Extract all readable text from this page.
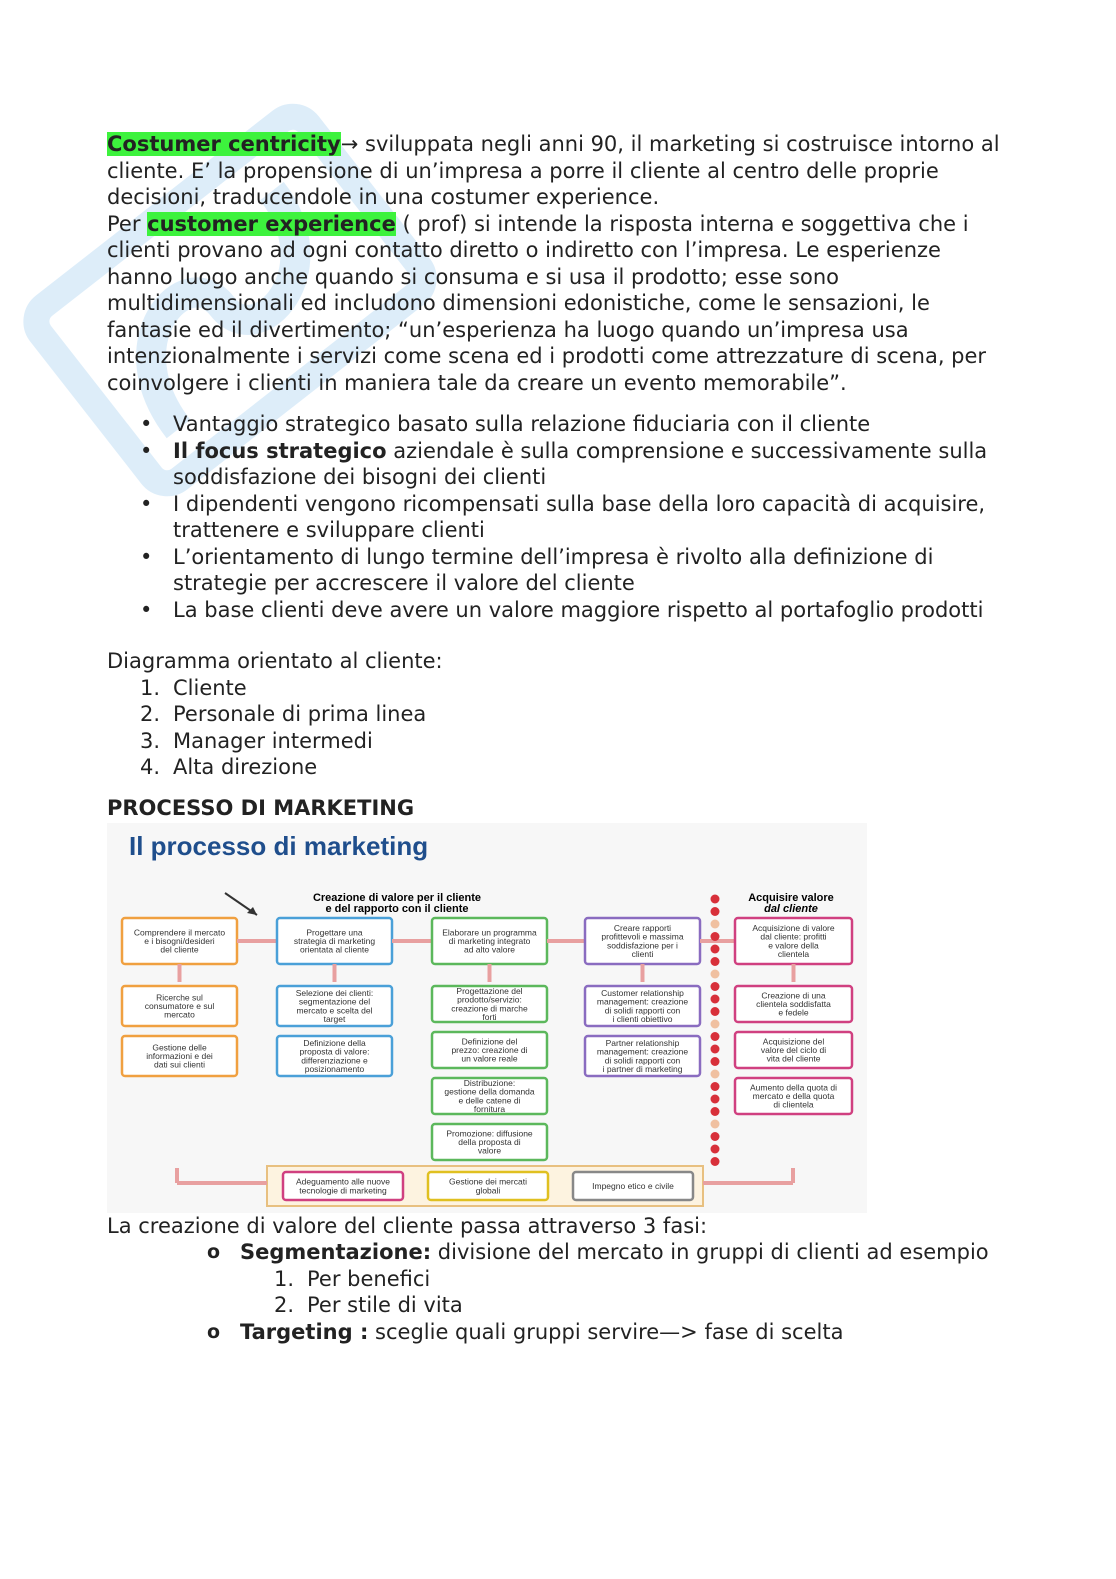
Costumer centricity→ sviluppata negli anni 90, il marketing si costruisce intorno al cliente. E’ la propensione di un’impresa a porre il cliente al centro delle proprie decisioni, traducendole in una costumer experience.

Per customer experience ( prof) si intende la risposta interna e soggettiva che i clienti provano ad ogni contatto diretto o indiretto con l’impresa. Le esperienze hanno luogo anche quando si consuma e si usa il prodotto; esse sono multidimensionali ed includono dimensioni edonistiche, come le sensazioni, le fantasie ed il divertimento; “un’esperienza ha luogo quando un’impresa usa intenzionalmente i servizi come scena ed i prodotti come attrezzature di scena, per coinvolgere i clienti in maniera tale da creare un evento memorabile”.

• Vantaggio strategico basato sulla relazione fiduciaria con il cliente
• Il focus strategico aziendale è sulla comprensione e successivamente sulla soddisfazione dei bisogni dei clienti
• I dipendenti vengono ricompensati sulla base della loro capacità di acquisire, trattenere e sviluppare clienti
• L’orientamento di lungo termine dell’impresa è rivolto alla definizione di strategie per accrescere il valore del cliente
• La base clienti deve avere un valore maggiore rispetto al portafoglio prodotti

Diagramma orientato al cliente:

1. Cliente
2. Personale di prima linea
3. Manager intermedi
4. Alta direzione
PROCESSO DI MARKETING
Il processo di marketing
Creazione di valore per il cliente
e del rapporto con il cliente
Acquisire valore
dal cliente
Comprendere il mercato
e i bisogni/desideri
del cliente
Ricerche sul
consumatore e sul
mercato
Gestione delle
informazioni e dei
dati sui clienti
Progettare una
strategia di marketing
orientata al cliente
Selezione dei clienti:
segmentazione del
mercato e scelta del
target
Definizione della
proposta di valore:
differenziazione e
posizionamento
Elaborare un programma
di marketing integrato
ad alto valore
Progettazione del
prodotto/servizio:
creazione di marche
forti
Definizione del
prezzo: creazione di
un valore reale
Distribuzione:
gestione della domanda
e delle catene di
fornitura
Promozione: diffusione
della proposta di
valore
Creare rapporti
profittevoli e massima
soddisfazione per i
clienti
Customer relationship
management: creazione
di solidi rapporti con
i clienti obiettivo
Partner relationship
management: creazione
di solidi rapporti con
i partner di marketing
Acquisizione di valore
dal cliente: profitti
e valore della
clientela
Creazione di una
clientela soddisfatta
e fedele
Acquisizione del
valore del ciclo di
vita del cliente
Aumento della quota di
mercato e della quota
di clientela
Adeguamento alle nuove
tecnologie di marketing
Gestione dei mercati
globali	Impegno etico e civile

La creazione di valore del cliente passa attraverso 3 fasi:

o Segmentazione: divisione del mercato in gruppi di clienti ad esempio
1. Per benefici
2. Per stile di vita
o Targeting : sceglie quali gruppi servire—> fase di scelta
